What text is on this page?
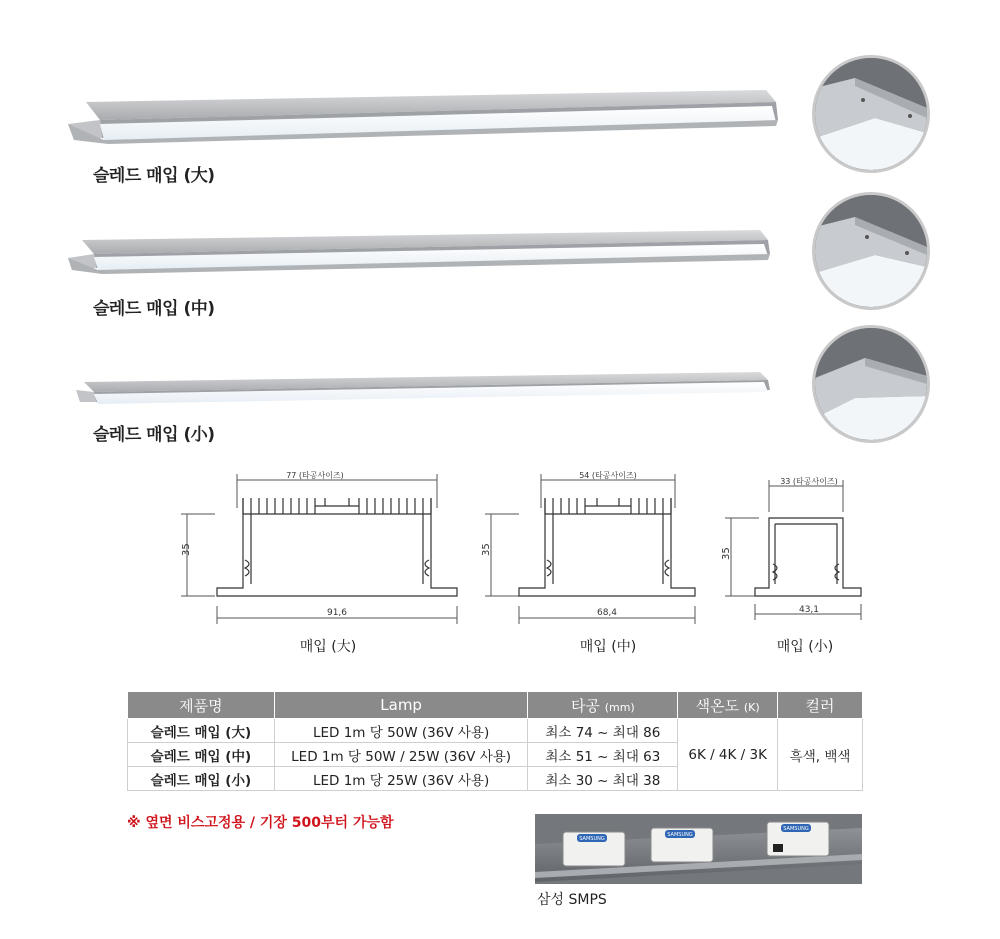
슬레드 매입 (大)
슬레드 매입 (中)
슬레드 매입 (小)
77 (타공사이즈)
35
91,6
매입 (大)
54 (타공사이즈)
35
68,4
매입 (中)
33 (타공사이즈)
35
43,1
매입 (小)
제품명	Lamp	타공 (mm)	색온도 (K)	컬러
슬레드 매입 (大)	LED 1m 당 50W (36V 사용)	최소 74 ~ 최대 86	6K / 4K / 3K	흑색, 백색
슬레드 매입 (中)	LED 1m 당 50W / 25W (36V 사용)	최소 51 ~ 최대 63		
슬레드 매입 (小)	LED 1m 당 25W (36V 사용)	최소 30 ~ 최대 38		
※ 옆면 비스고정용 / 기장 500부터 가능함
SAMSUNG
SAMSUNG
SAMSUNG
삼성 SMPS
